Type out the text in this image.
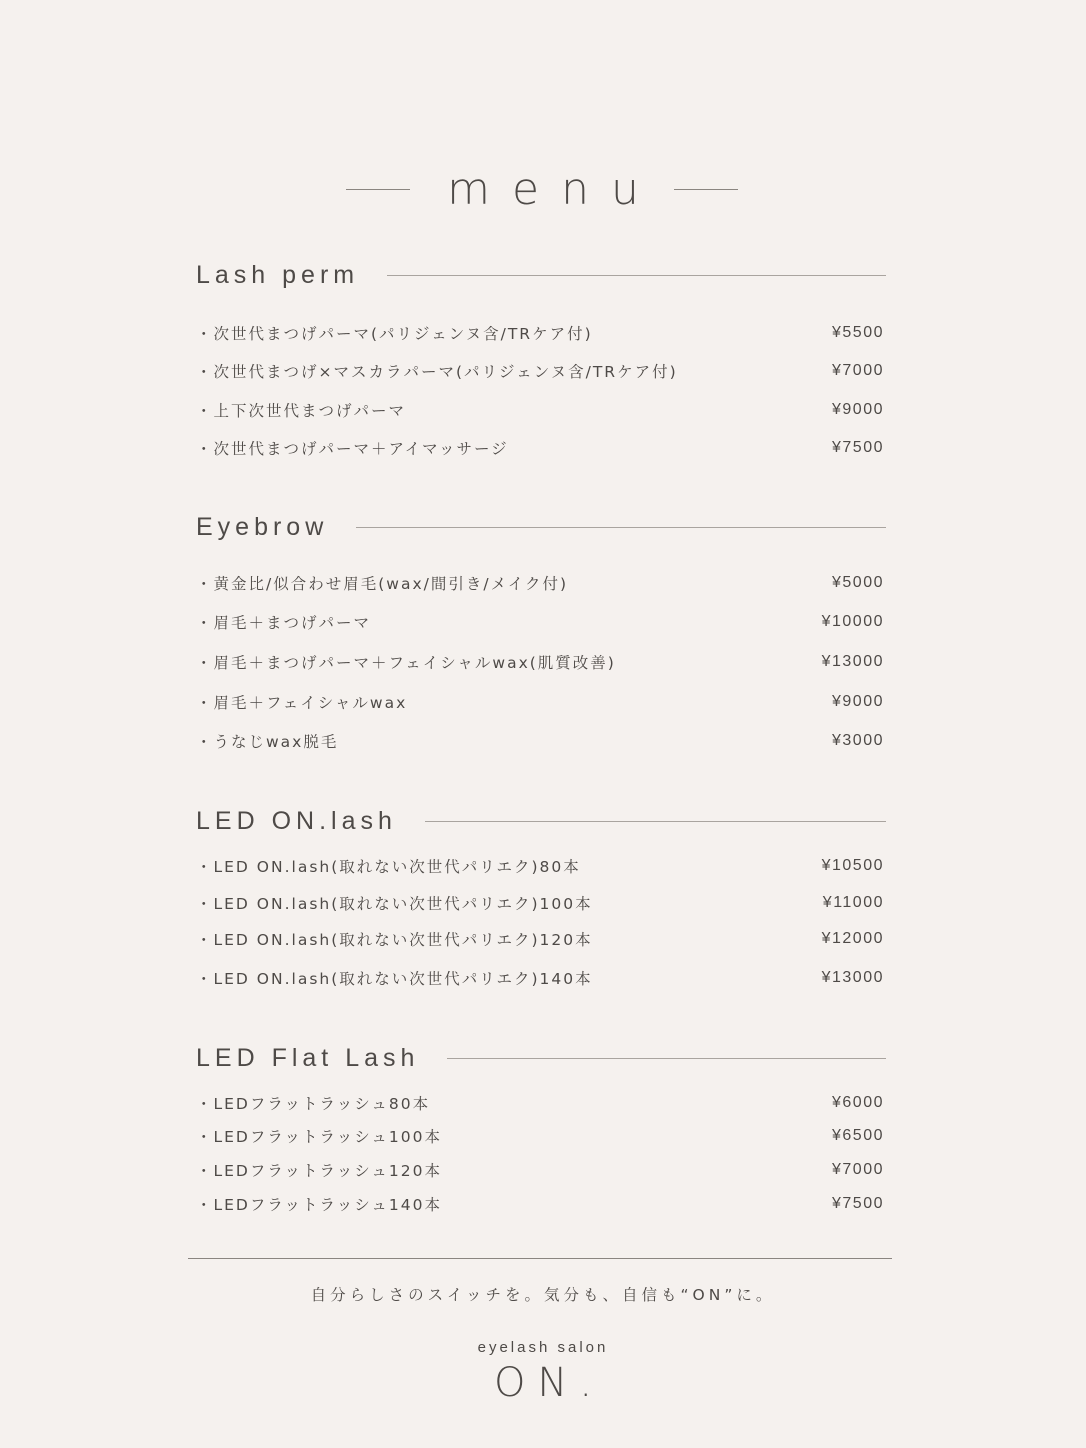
menu
Lash perm
・次世代まつげパーマ(パリジェンヌ含/TRケア付)	¥5500
・次世代まつげ×マスカラパーマ(パリジェンヌ含/TRケア付)	¥7000
・上下次世代まつげパーマ	¥9000
・次世代まつげパーマ＋アイマッサージ	¥7500
Eyebrow
・黄金比/似合わせ眉毛(wax/間引き/メイク付)	¥5000
・眉毛＋まつげパーマ	¥10000
・眉毛＋まつげパーマ＋フェイシャルwax(肌質改善)	¥13000
・眉毛＋フェイシャルwax	¥9000
・うなじwax脱毛	¥3000
LED ON.lash
・LED ON.lash(取れない次世代パリエク)80本	¥10500
・LED ON.lash(取れない次世代パリエク)100本	¥11000
・LED ON.lash(取れない次世代パリエク)120本	¥12000
・LED ON.lash(取れない次世代パリエク)140本	¥13000
LED Flat Lash
・LEDフラットラッシュ80本	¥6000
・LEDフラットラッシュ100本	¥6500
・LEDフラットラッシュ120本	¥7000
・LEDフラットラッシュ140本	¥7500
自分らしさのスイッチを。気分も、自信も“ON”に。
eyelash salon
ON.
